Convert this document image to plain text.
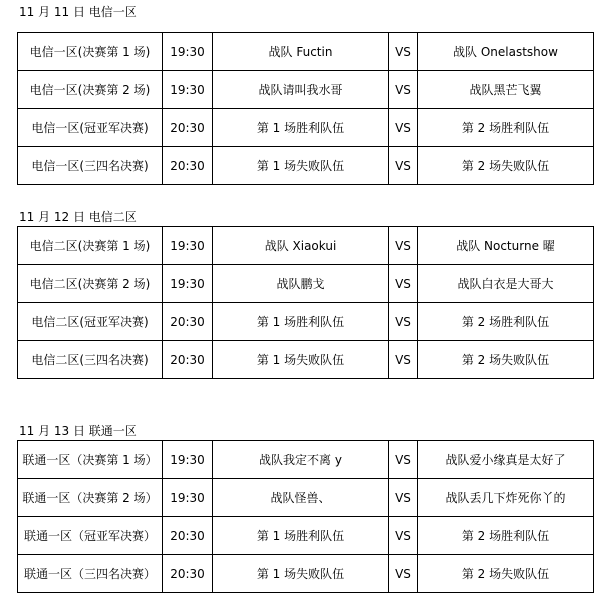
11 月 11 日 电信一区
电信一区(决赛第 1 场)	19:30	战队 Fuctin	VS	战队 Onelastshow
电信一区(决赛第 2 场)	19:30	战队请叫我水哥	VS	战队黑芒飞翼
电信一区(冠亚军决赛)	20:30	第 1 场胜利队伍	VS	第 2 场胜利队伍
电信一区(三四名决赛)	20:30	第 1 场失败队伍	VS	第 2 场失败队伍
11 月 12 日 电信二区
电信二区(决赛第 1 场)	19:30	战队 Xiaokui	VS	战队 Nocturne 曜
电信二区(决赛第 2 场)	19:30	战队鹏戈	VS	战队白衣是大哥大
电信二区(冠亚军决赛)	20:30	第 1 场胜利队伍	VS	第 2 场胜利队伍
电信二区(三四名决赛)	20:30	第 1 场失败队伍	VS	第 2 场失败队伍
11 月 13 日 联通一区
联通一区（决赛第 1 场）	19:30	战队我定不离 y	VS	战队爱小缘真是太好了
联通一区（决赛第 2 场）	19:30	战队怪兽、	VS	战队丢几下炸死你丫的
联通一区（冠亚军决赛）	20:30	第 1 场胜利队伍	VS	第 2 场胜利队伍
联通一区（三四名决赛）	20:30	第 1 场失败队伍	VS	第 2 场失败队伍
